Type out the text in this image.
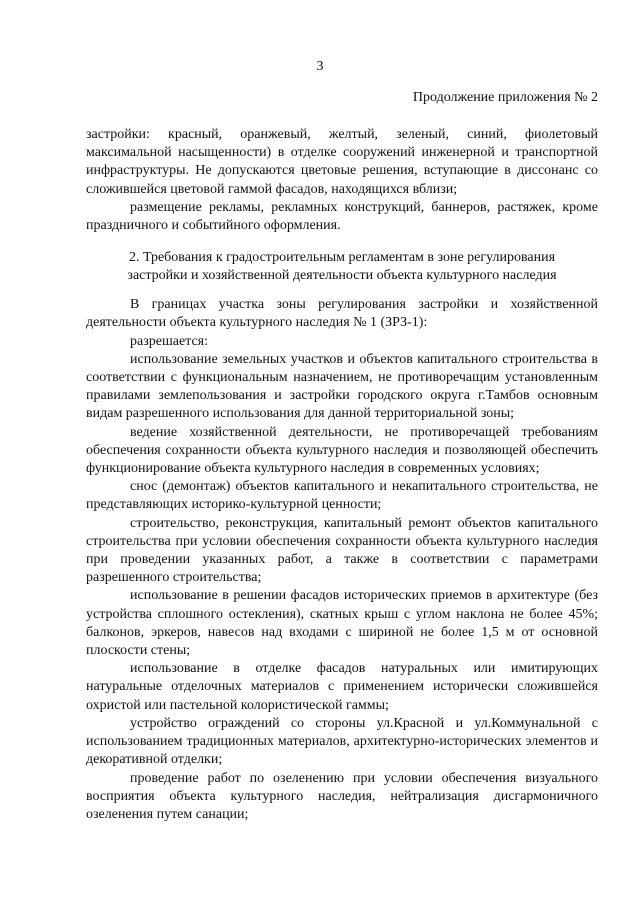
3
Продолжение приложения № 2

застройки: красный, оранжевый, желтый, зеленый, синий, фиолетовый максимальной насыщенности) в отделке сооружений инженерной и транспортной инфраструктуры. Не допускаются цветовые решения, вступающие в диссонанс со сложившейся цветовой гаммой фасадов, находящихся вблизи;

размещение рекламы, рекламных конструкций, баннеров, растяжек, кроме праздничного и событийного оформления.

2. Требования к градостроительным регламентам в зоне регулирования
застройки и хозяйственной деятельности объекта культурного наследия

В границах участка зоны регулирования застройки и хозяйственной деятельности объекта культурного наследия № 1 (ЗРЗ-1):

разрешается:

использование земельных участков и объектов капитального строительства в соответствии с функциональным назначением, не противоречащим установленным правилами землепользования и застройки городского округа г.Тамбов основным видам разрешенного использования для данной территориальной зоны;

ведение хозяйственной деятельности, не противоречащей требованиям обеспечения сохранности объекта культурного наследия и позволяющей обеспечить функционирование объекта культурного наследия в современных условиях;

снос (демонтаж) объектов капитального и некапитального строительства, не представляющих историко-культурной ценности;

строительство, реконструкция, капитальный ремонт объектов капитального строительства при условии обеспечения сохранности объекта культурного наследия при проведении указанных работ, а также в соответствии с параметрами разрешенного строительства;

использование в решении фасадов исторических приемов в архитектуре (без устройства сплошного остекления), скатных крыш с углом наклона не более 45%; балконов, эркеров, навесов над входами с шириной не более 1,5 м от основной плоскости стены;

использование в отделке фасадов натуральных или имитирующих натуральные отделочных материалов с применением исторически сложившейся охристой или пастельной колористической гаммы;

устройство ограждений со стороны ул.Красной и ул.Коммунальной с использованием традиционных материалов, архитектурно-исторических элементов и декоративной отделки;

проведение работ по озеленению при условии обеспечения визуального восприятия объекта культурного наследия, нейтрализация дисгармоничного озеленения путем санации;
